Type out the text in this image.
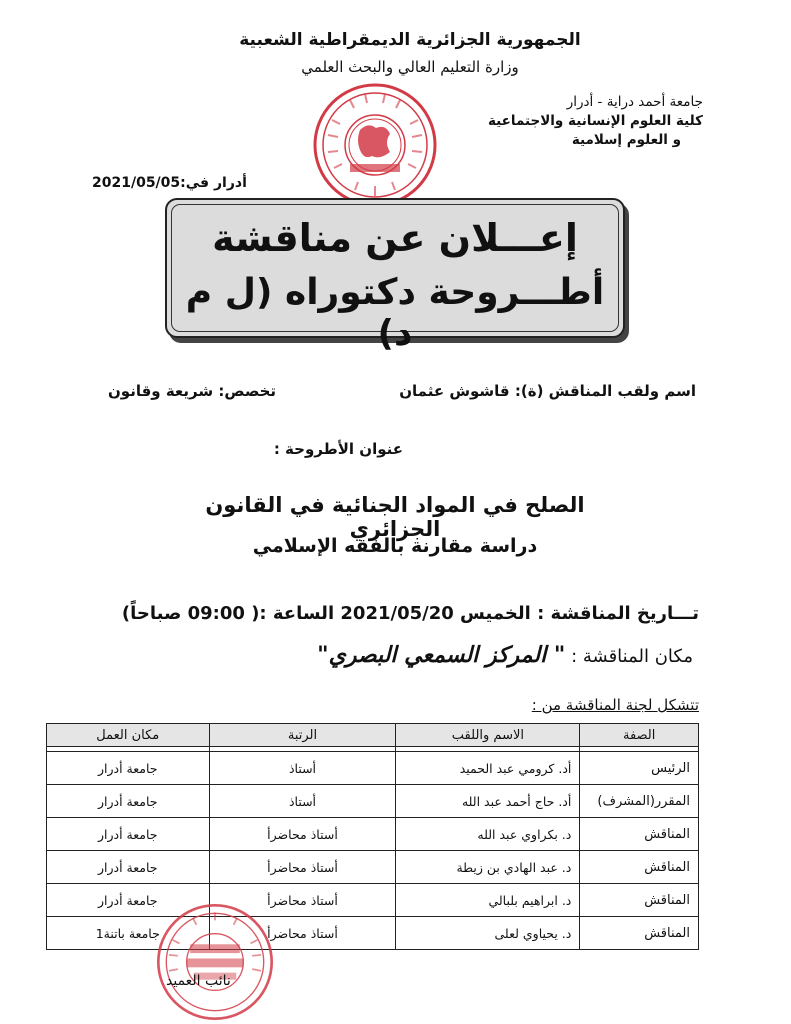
الجمهورية الجزائرية الديمقراطية الشعبية
وزارة التعليم العالي والبحث العلمي
جامعة أحمد دراية - أدرار
كلية العلوم الإنسانية والاجتماعية
و العلوم إسلامية
أدرار في:2021/05/05
إعـــلان عن مناقشة
أطـــروحة دكتوراه (ل م د)
اسم ولقب المناقش (ة): قاشوش عثمان
تخصص: شريعة وقانون
عنوان الأطروحة :
الصلح في المواد الجنائية في القانون الجزائري
دراسة مقارنة بالفقه الإسلامي
تـــاريخ المناقشة : الخميس 2021/05/20 الساعة :( 09:00 صباحاً)
مكان المناقشة : " المركز السمعي البصري"
تتشكل لجنة المناقشة من :
الصفة	الاسم واللقب	الرتبة	مكان العمل

الرئيس	أد. كرومي عبد الحميد	أستاذ	جامعة أدرار
المقرر(المشرف)	أد. حاج أحمد عبد الله	أستاذ	جامعة أدرار
المناقش	د. بكراوي عبد الله	أستاذ محاضرأ	جامعة أدرار
المناقش	د. عبد الهادي بن زيطة	أستاذ محاضرأ	جامعة أدرار
المناقش	د. ابراهيم بلبالي	أستاذ محاضرأ	جامعة أدرار
المناقش	د. يحياوي لعلى	أستاذ محاضرأ	جامعة باتنة1
نائب العميد
